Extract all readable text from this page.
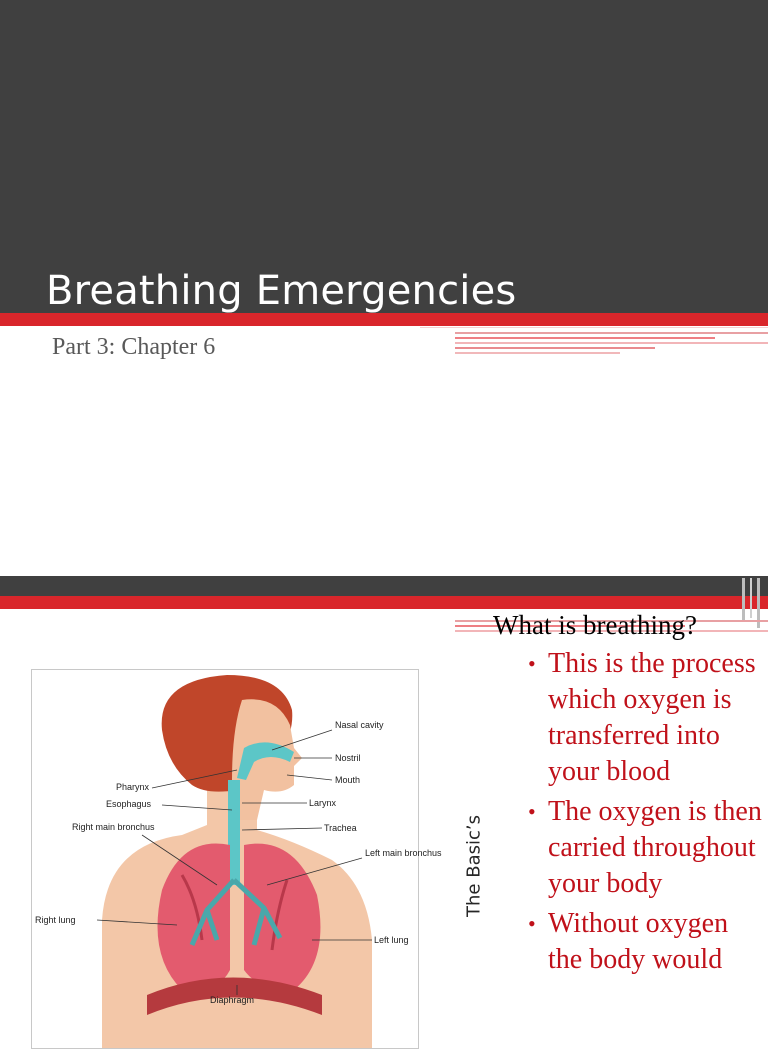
Breathing Emergencies
Part 3: Chapter 6
Nasal cavity
Nostril
Mouth
Pharynx
Esophagus	Larynx
Trachea
Right main bronchus
Left main bronchus
Right lung
Left lung
Diaphragm
The Basic’s
What is breathing?
• This is the process which oxygen is transferred into your blood
• The oxygen is then carried throughout your body
• Without oxygen the body would
